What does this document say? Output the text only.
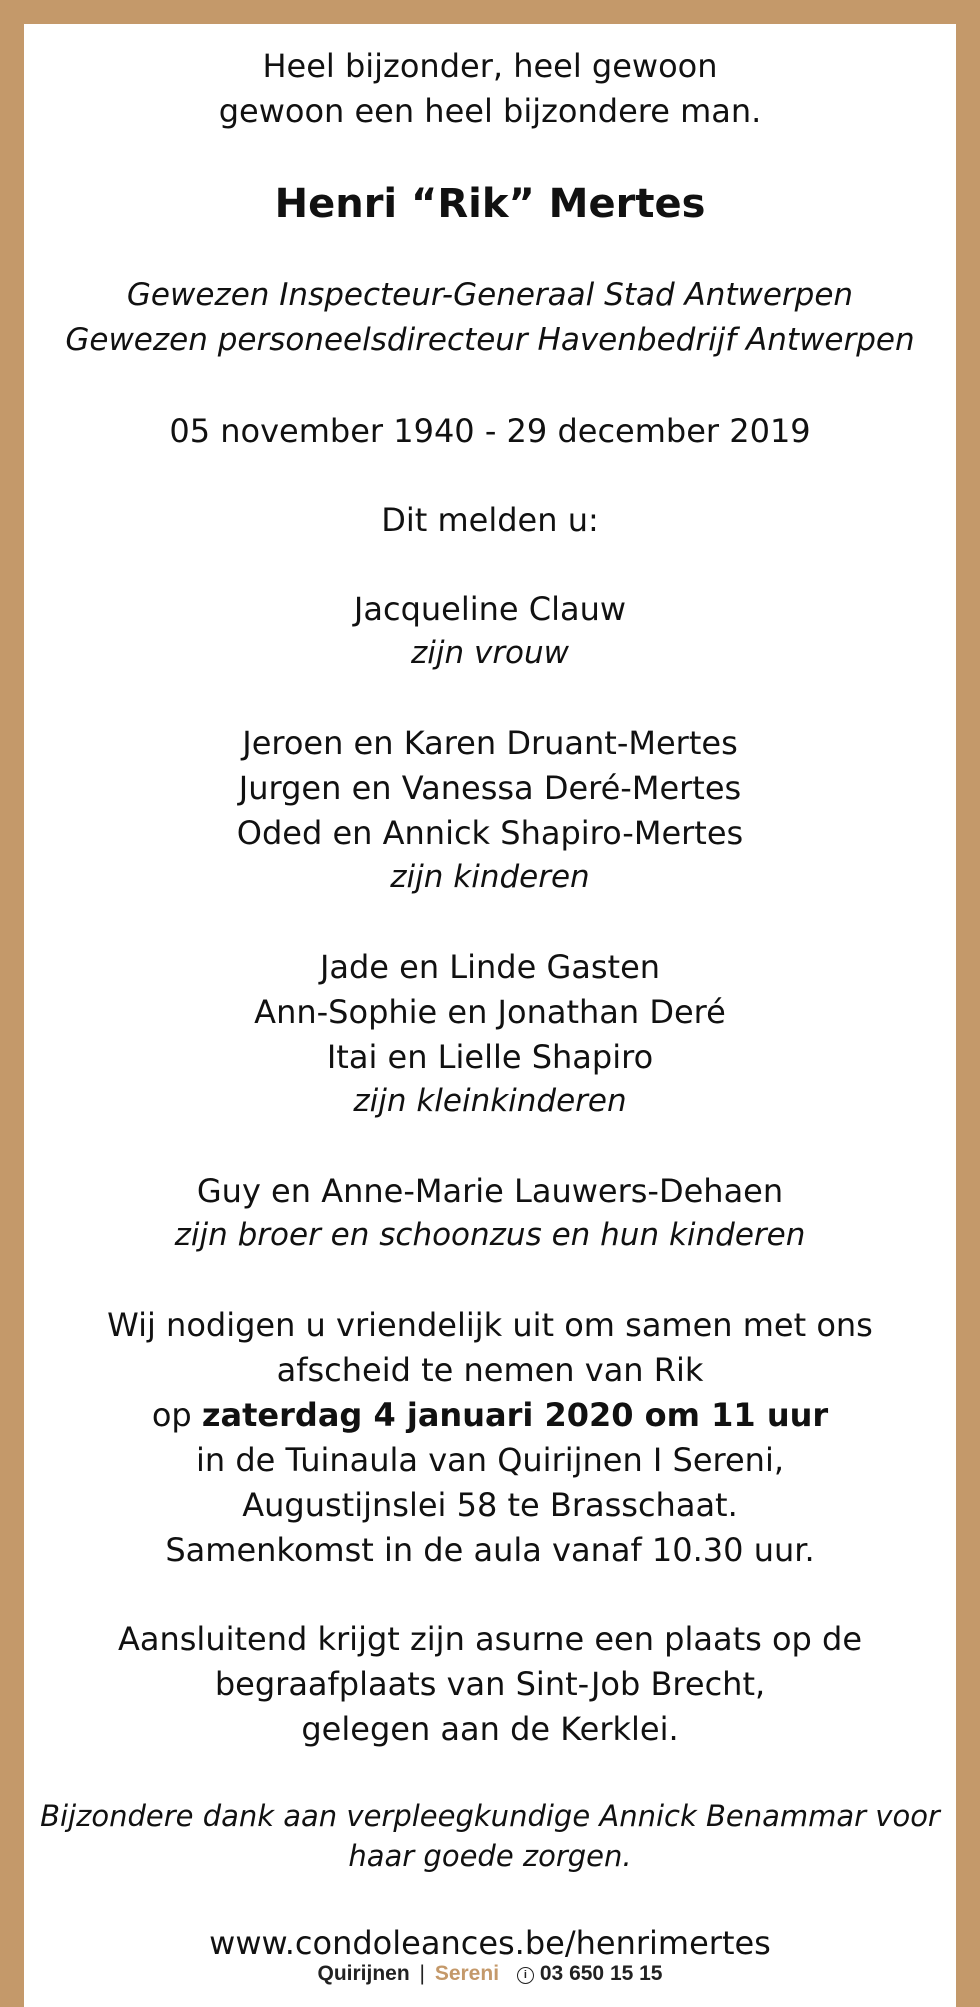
Heel bijzonder, heel gewoon
gewoon een heel bijzondere man.
Henri “Rik” Mertes
Gewezen Inspecteur-Generaal Stad Antwerpen
Gewezen personeelsdirecteur Havenbedrijf Antwerpen
05 november 1940 - 29 december 2019
Dit melden u:
Jacqueline Clauw
zijn vrouw
Jeroen en Karen Druant-Mertes
Jurgen en Vanessa Deré-Mertes
Oded en Annick Shapiro-Mertes
zijn kinderen
Jade en Linde Gasten
Ann-Sophie en Jonathan Deré
Itai en Lielle Shapiro
zijn kleinkinderen
Guy en Anne-Marie Lauwers-Dehaen
zijn broer en schoonzus en hun kinderen
Wij nodigen u vriendelijk uit om samen met ons
afscheid te nemen van Rik
op zaterdag 4 januari 2020 om 11 uur
in de Tuinaula van Quirijnen I Sereni,
Augustijnslei 58 te Brasschaat.
Samenkomst in de aula vanaf 10.30 uur.
Aansluitend krijgt zijn asurne een plaats op de
begraafplaats van Sint-Job Brecht,
gelegen aan de Kerklei.
Bijzondere dank aan verpleegkundige Annick Benammar voor
haar goede zorgen.
www.condoleances.be/henrimertes
Quirijnen | Sereni i 03 650 15 15
